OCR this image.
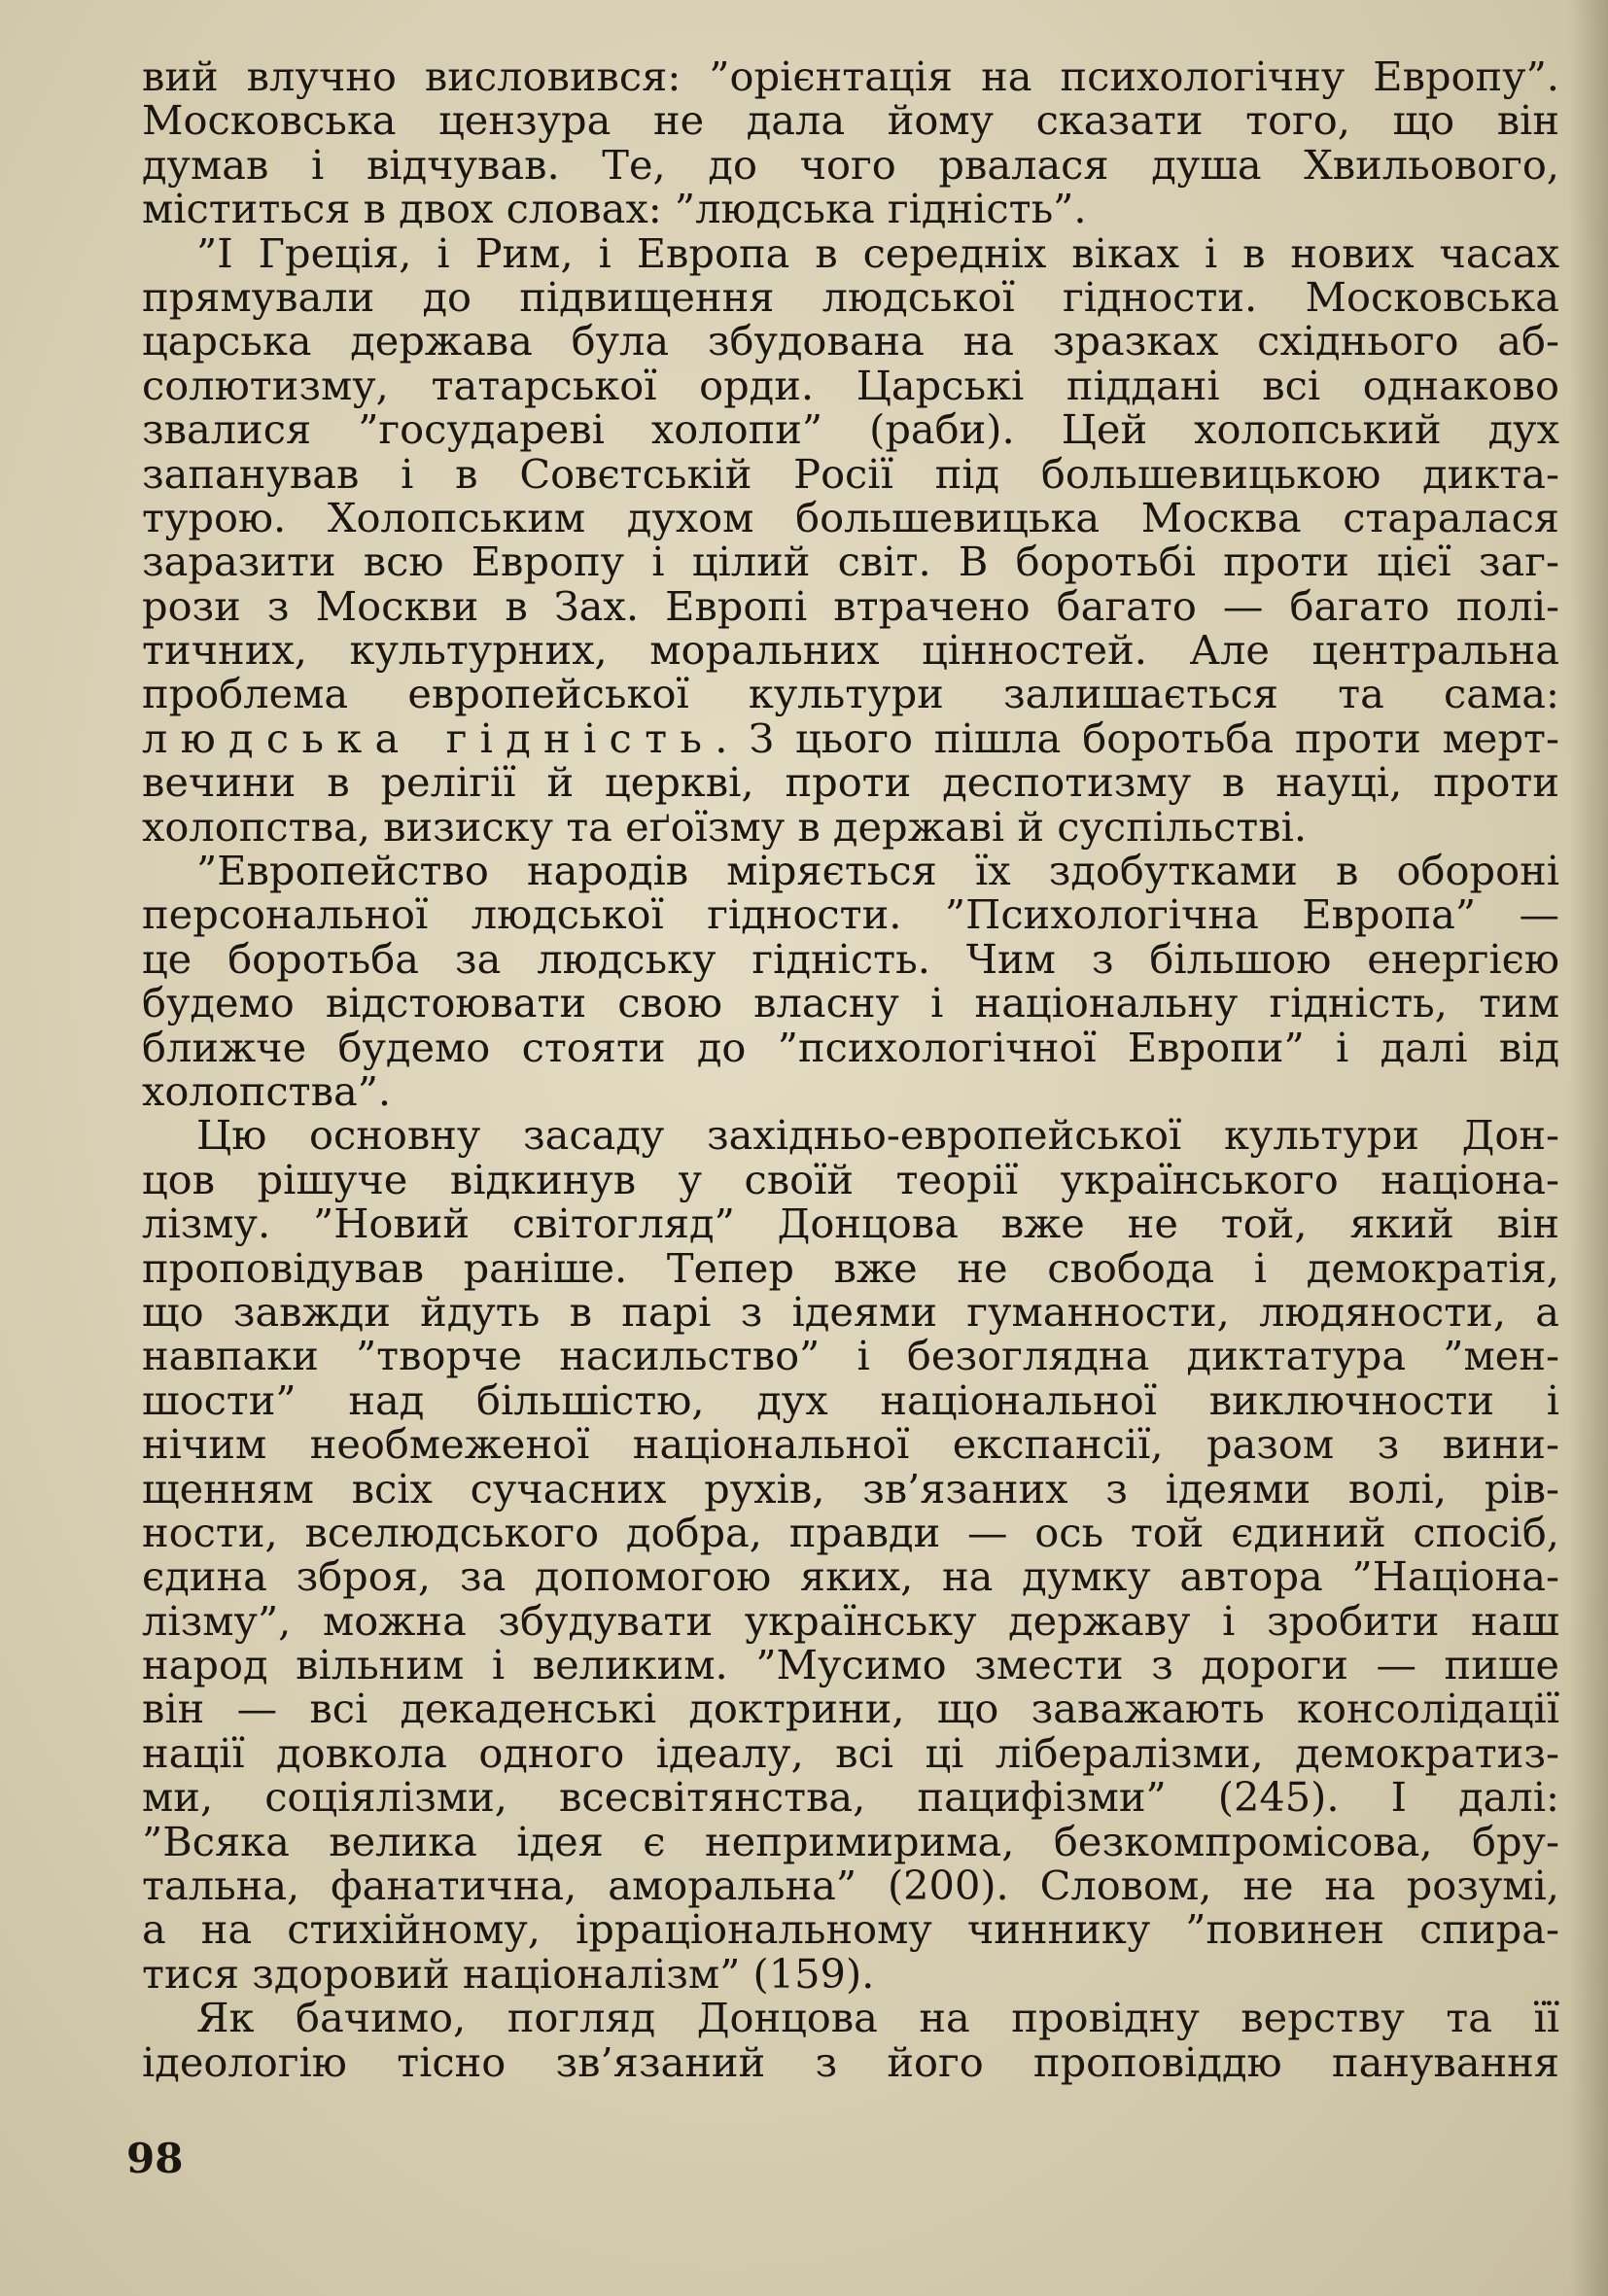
вий влучно висловився: ”орієнтація на психологічну Европу”.
Московська цензура не дала йому сказати того, що він
думав і відчував. Те, до чого рвалася душа Хвильового,
міститься в двох словах: ”людська гідність”.
”І Греція, і Рим, і Европа в середніх віках і в нових часах
прямували до підвищення людської гідности. Московська
царська держава була збудована на зразках східнього аб-
солютизму, татарської орди. Царські піддані всі однаково
звалися ”государеві холопи” (раби). Цей холопський дух
запанував і в Совєтській Росії під большевицькою дикта-
турою. Холопським духом большевицька Москва старалася
заразити всю Европу і цілий світ. В боротьбі проти цієї заг-
рози з Москви в Зах. Европі втрачено багато — багато полі-
тичних, культурних, моральних цінностей. Але центральна
проблема европейської культури залишається та сама:
людська гідність. З цього пішла боротьба проти мерт-
вечини в релігії й церкві, проти деспотизму в науці, проти
холопства, визиску та еґоїзму в державі й суспільстві.
”Европейство народів міряється їх здобутками в обороні
персональної людської гідности. ”Психологічна Европа” —
це боротьба за людську гідність. Чим з більшою енергією
будемо відстоювати свою власну і національну гідність, тим
ближче будемо стояти до ”психологічної Европи” і далі від
холопства”.
Цю основну засаду західньо-европейської культури Дон-
цов рішуче відкинув у своїй теорії українського націона-
лізму. ”Новий світогляд” Донцова вже не той, який він
проповідував раніше. Тепер вже не свобода і демократія,
що завжди йдуть в парі з ідеями гуманности, людяности, а
навпаки ”творче насильство” і безоглядна диктатура ”мен-
шости” над більшістю, дух національної виключности і
нічим необмеженої національної експансії, разом з вини-
щенням всіх сучасних рухів, зв’язаних з ідеями волі, рів-
ности, вселюдського добра, правди — ось той єдиний спосіб,
єдина зброя, за допомогою яких, на думку автора ”Націона-
лізму”, можна збудувати українську державу і зробити наш
народ вільним і великим. ”Мусимо змести з дороги — пише
він — всі декаденські доктрини, що заважають консолідації
нації довкола одного ідеалу, всі ці лібералізми, демократиз-
ми, соціялізми, всесвітянства, пацифізми” (245). І далі:
”Всяка велика ідея є непримирима, безкомпромісова, бру-
тальна, фанатична, аморальна” (200). Словом, не на розумі,
а на стихійному, ірраціональному чиннику ”повинен спира-
тися здоровий націоналізм” (159).
Як бачимо, погляд Донцова на провідну верству та її
ідеологію тісно зв’язаний з його проповіддю панування
98
